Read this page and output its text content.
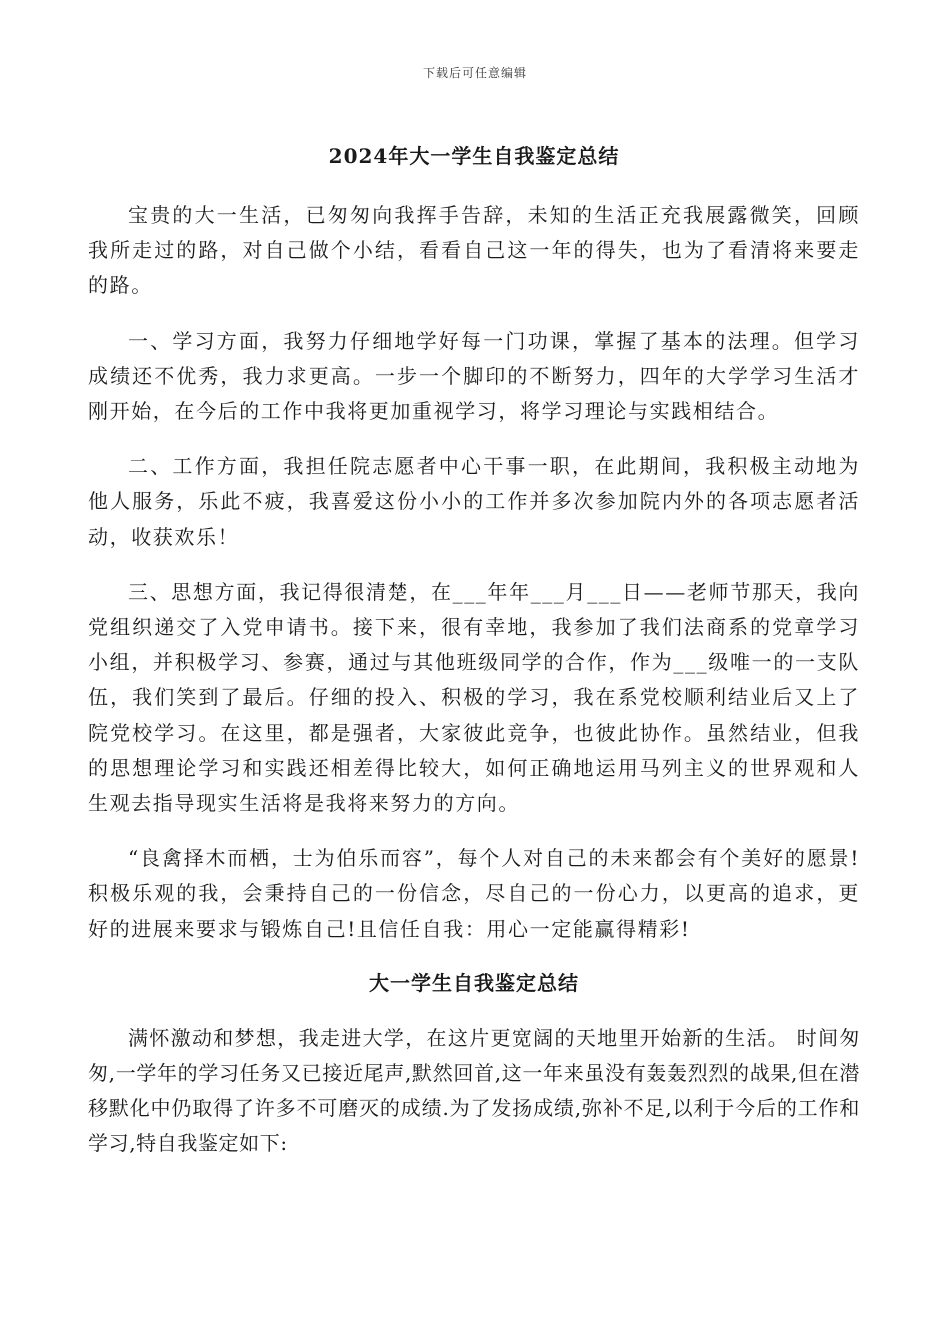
下载后可任意编辑
2024年大一学生自我鉴定总结

宝贵的大一生活，已匆匆向我挥手告辞，未知的生活正充我展露微笑，回顾我所走过的路，对自己做个小结，看看自己这一年的得失，也为了看清将来要走的路。

一、学习方面，我努力仔细地学好每一门功课，掌握了基本的法理。但学习成绩还不优秀，我力求更高。一步一个脚印的不断努力，四年的大学学习生活才刚开始，在今后的工作中我将更加重视学习，将学习理论与实践相结合。

二、工作方面，我担任院志愿者中心干事一职，在此期间，我积极主动地为他人服务，乐此不疲，我喜爱这份小小的工作并多次参加院内外的各项志愿者活动，收获欢乐！

三、思想方面，我记得很清楚，在___年年___月___日——老师节那天，我向党组织递交了入党申请书。接下来，很有幸地，我参加了我们法商系的党章学习小组，并积极学习、参赛，通过与其他班级同学的合作，作为___级唯一的一支队伍，我们笑到了最后。仔细的投入、积极的学习，我在系党校顺利结业后又上了院党校学习。在这里，都是强者，大家彼此竞争，也彼此协作。虽然结业，但我的思想理论学习和实践还相差得比较大，如何正确地运用马列主义的世界观和人生观去指导现实生活将是我将来努力的方向。

“良禽择木而栖，士为伯乐而容”，每个人对自己的未来都会有个美好的愿景!积极乐观的我，会秉持自己的一份信念，尽自己的一份心力，以更高的追求，更好的进展来要求与锻炼自己!且信任自我：用心一定能赢得精彩!

大一学生自我鉴定总结

满怀激动和梦想，我走进大学，在这片更宽阔的天地里开始新的生活。 时间匆匆,一学年的学习任务又已接近尾声,默然回首,这一年来虽没有轰轰烈烈的战果,但在潜移默化中仍取得了许多不可磨灭的成绩.为了发扬成绩,弥补不足,以利于今后的工作和学习,特自我鉴定如下:
